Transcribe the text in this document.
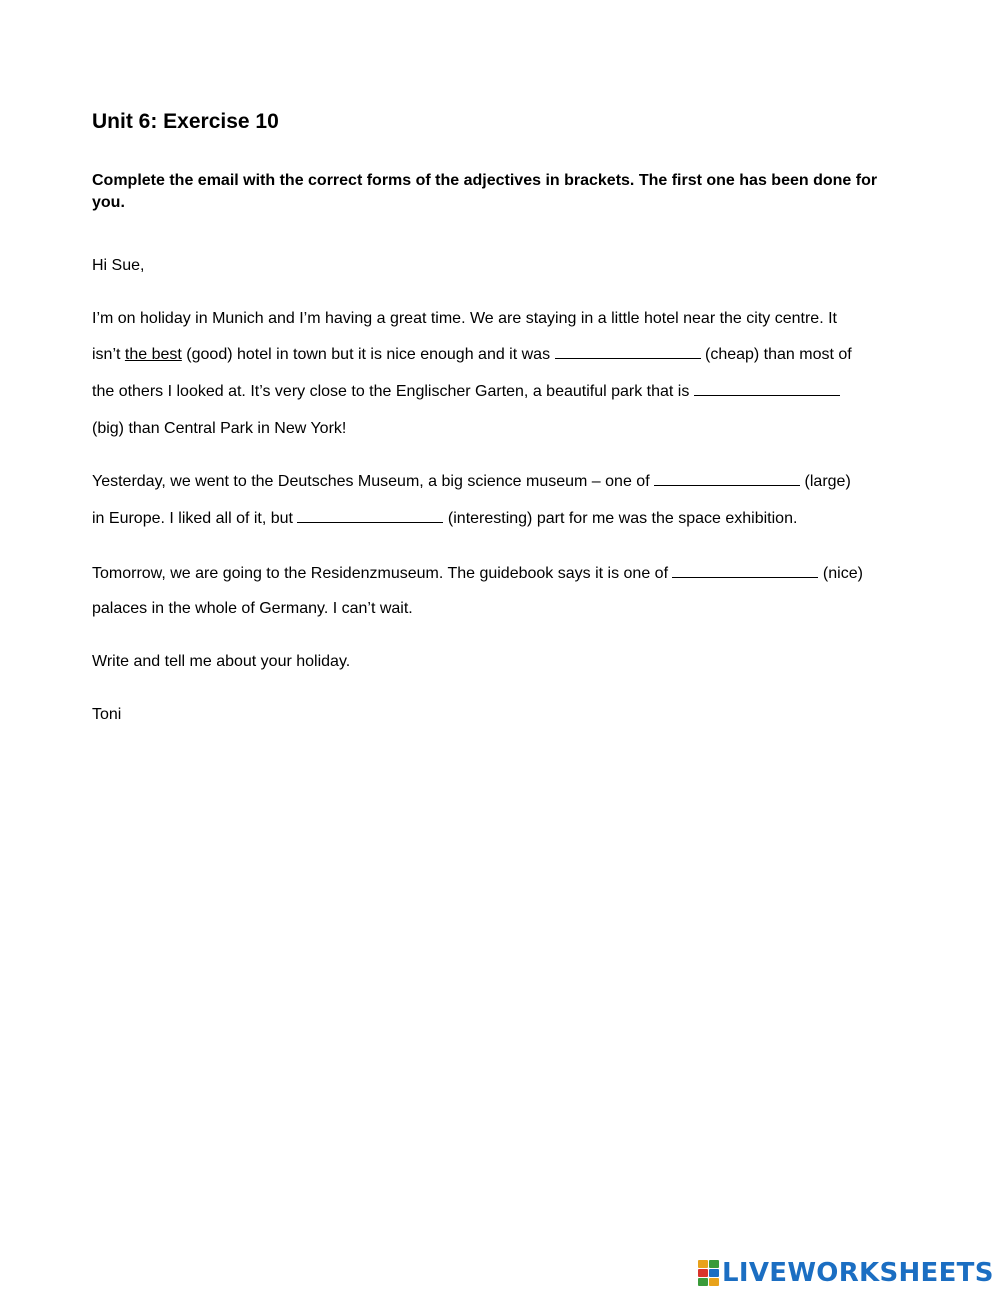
Unit 6: Exercise 10

Complete the email with the correct forms of the adjectives in brackets. The first one has been done for you.

Hi Sue,

I’m on holiday in Munich and I’m having a great time. We are staying in a little hotel near the city centre. It

isn’t the best (good) hotel in town but it is nice enough and it was	(cheap) than most of

the others I looked at. It’s very close to the Englischer Garten, a beautiful park that is

(big) than Central Park in New York!

Yesterday, we went to the Deutsches Museum, a big science museum – one of	(large)

in Europe. I liked all of it, but	(interesting) part for me was the space exhibition.

Tomorrow, we are going to the Residenzmuseum. The guidebook says it is one of	(nice)

palaces in the whole of Germany. I can’t wait.

Write and tell me about your holiday.

Toni

LIVEWORKSHEETS
